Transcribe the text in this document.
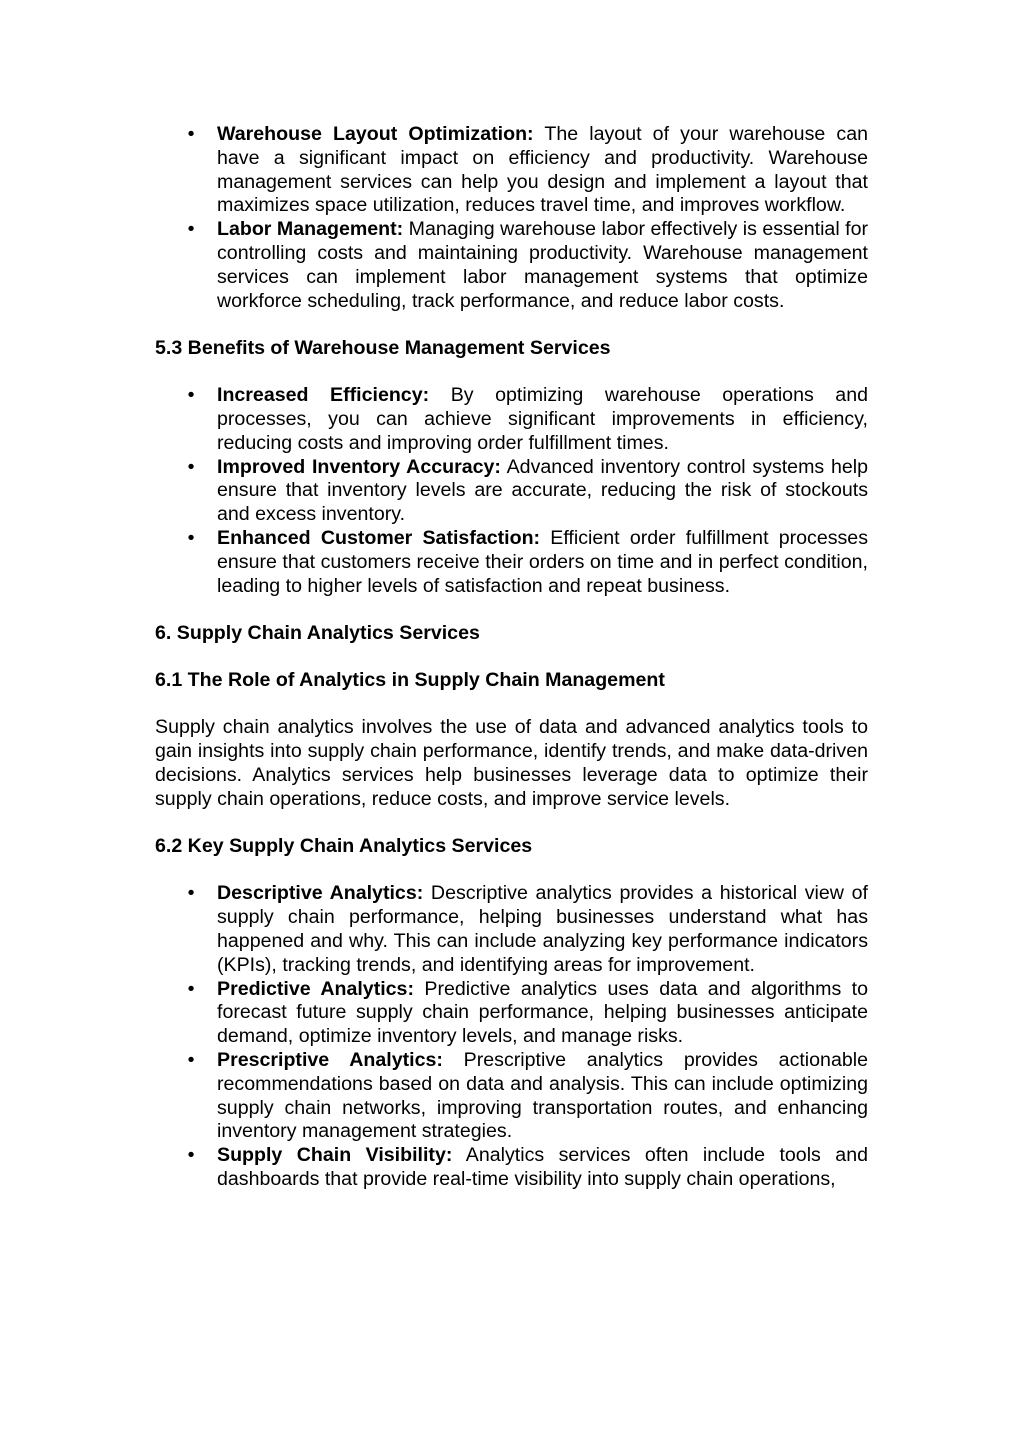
•
Warehouse Layout Optimization: The layout of your warehouse can have a significant impact on efficiency and productivity. Warehouse management services can help you design and implement a layout that maximizes space utilization, reduces travel time, and improves workflow.
•
Labor Management: Managing warehouse labor effectively is essential for controlling costs and maintaining productivity. Warehouse management services can implement labor management systems that optimize workforce scheduling, track performance, and reduce labor costs.
5.3 Benefits of Warehouse Management Services
•
Increased Efficiency: By optimizing warehouse operations and processes, you can achieve significant improvements in efficiency, reducing costs and improving order fulfillment times.
•
Improved Inventory Accuracy: Advanced inventory control systems help ensure that inventory levels are accurate, reducing the risk of stockouts and excess inventory.
•
Enhanced Customer Satisfaction: Efficient order fulfillment processes ensure that customers receive their orders on time and in perfect condition, leading to higher levels of satisfaction and repeat business.
6. Supply Chain Analytics Services
6.1 The Role of Analytics in Supply Chain Management

Supply chain analytics involves the use of data and advanced analytics tools to gain insights into supply chain performance, identify trends, and make data-driven decisions. Analytics services help businesses leverage data to optimize their supply chain operations, reduce costs, and improve service levels.

6.2 Key Supply Chain Analytics Services
•
Descriptive Analytics: Descriptive analytics provides a historical view of supply chain performance, helping businesses understand what has happened and why. This can include analyzing key performance indicators (KPIs), tracking trends, and identifying areas for improvement.
•
Predictive Analytics: Predictive analytics uses data and algorithms to forecast future supply chain performance, helping businesses anticipate demand, optimize inventory levels, and manage risks.
•
Prescriptive Analytics: Prescriptive analytics provides actionable recommendations based on data and analysis. This can include optimizing supply chain networks, improving transportation routes, and enhancing inventory management strategies.
•
Supply Chain Visibility: Analytics services often include tools and dashboards that provide real-time visibility into supply chain operations,
